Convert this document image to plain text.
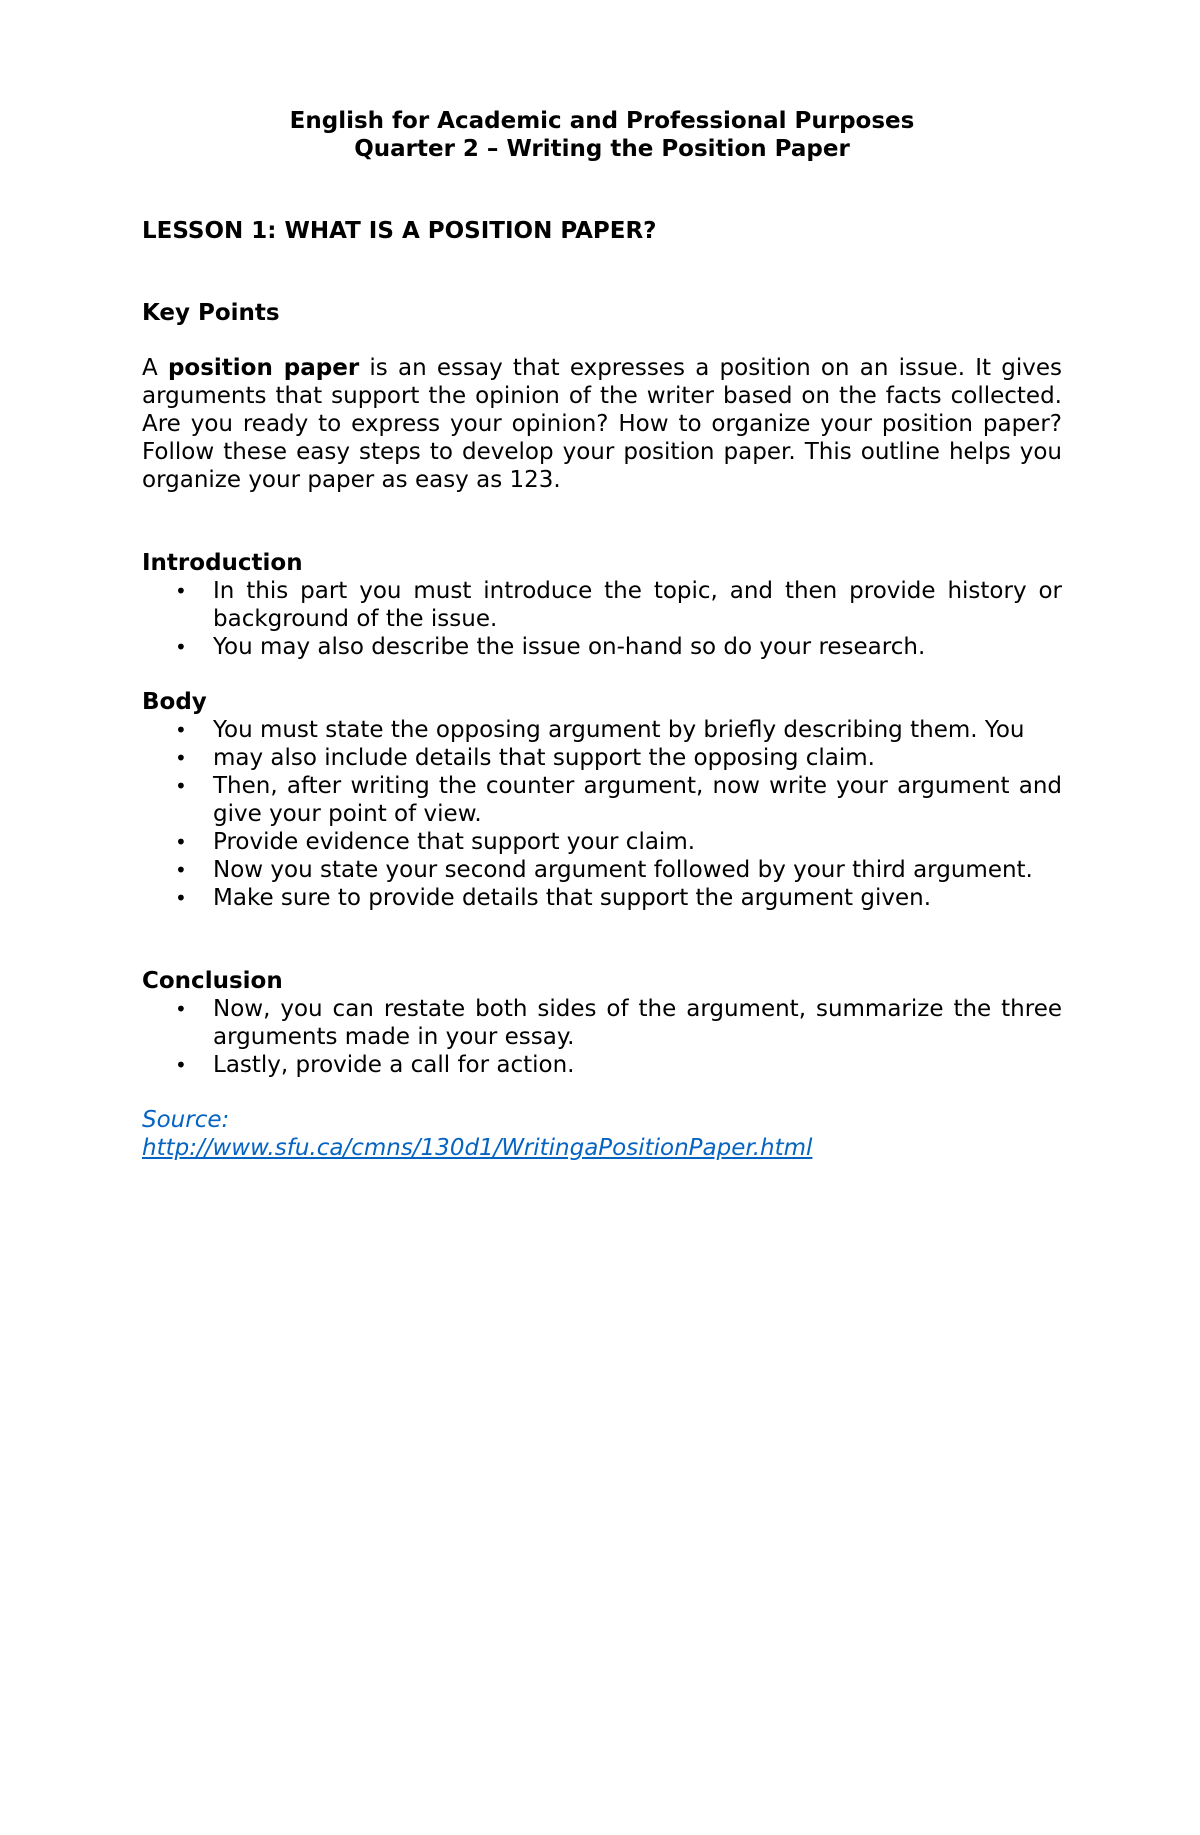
English for Academic and Professional Purposes
Quarter 2 – Writing the Position Paper
LESSON 1: WHAT IS A POSITION PAPER?
Key Points

A position paper is an essay that expresses a position on an issue. It gives arguments that support the opinion of the writer based on the facts collected. Are you ready to express your opinion? How to organize your position paper? Follow these easy steps to develop your position paper. This outline helps you organize your paper as easy as 123.

Introduction
• In this part you must introduce the topic, and then provide history or background of the issue.
• You may also describe the issue on-hand so do your research.
Body
• You must state the opposing argument by briefly describing them. You
• may also include details that support the opposing claim.
• Then, after writing the counter argument, now write your argument and give your point of view.
• Provide evidence that support your claim.
• Now you state your second argument followed by your third argument.
• Make sure to provide details that support the argument given.
Conclusion
• Now, you can restate both sides of the argument, summarize the three arguments made in your essay.
• Lastly, provide a call for action.
Source:
http://www.sfu.ca/cmns/130d1/WritingaPositionPaper.html
